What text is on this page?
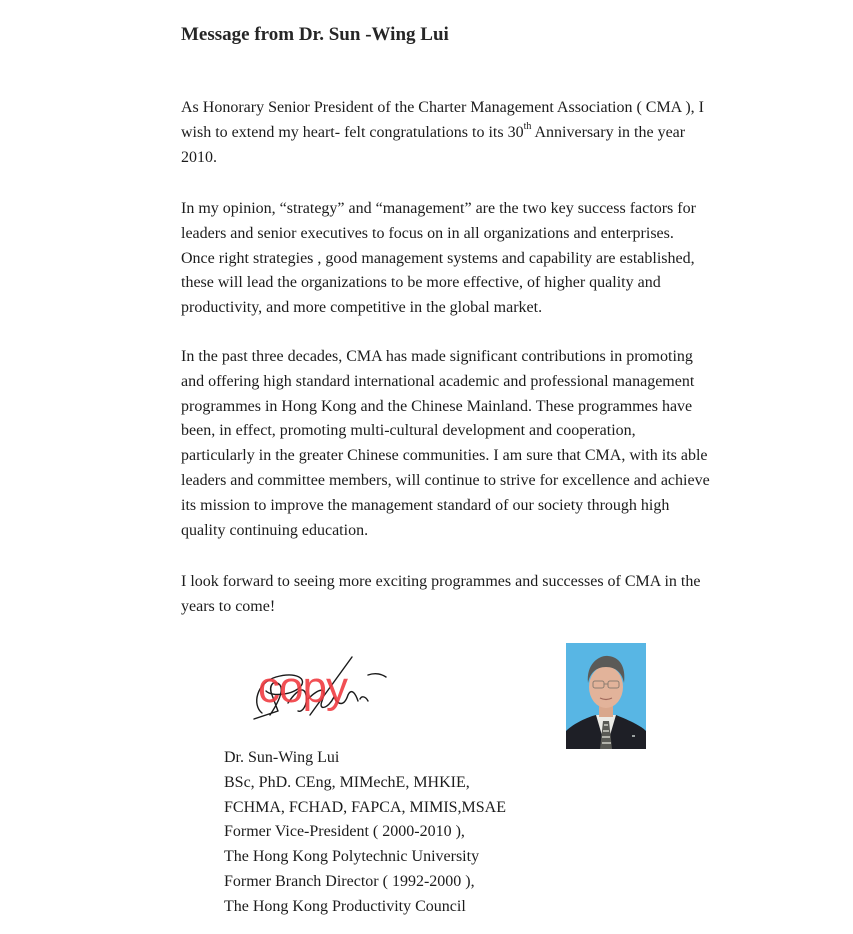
Message from Dr. Sun -Wing Lui
As Honorary Senior President of the Charter Management Association ( CMA ), I
wish to extend my heart- felt congratulations to its 30th Anniversary in the year
2010.
In my opinion, “strategy” and “management” are the two key success factors for
leaders and senior executives to focus on in all organizations and enterprises.
Once right strategies , good management systems and capability are established,
these will lead the organizations to be more effective, of higher quality and
productivity, and more competitive in the global market.
In the past three decades, CMA has made significant contributions in promoting
and offering high standard international academic and professional management
programmes in Hong Kong and the Chinese Mainland. These programmes have
been, in effect, promoting multi-cultural development and cooperation,
particularly in the greater Chinese communities. I am sure that CMA, with its able
leaders and committee members, will continue to strive for excellence and achieve
its mission to improve the management standard of our society through high
quality continuing education.
I look forward to seeing more exciting programmes and successes of CMA in the
years to come!
copy
Dr. Sun-Wing Lui
BSc, PhD. CEng, MIMechE, MHKIE,
FCHMA, FCHAD, FAPCA, MIMIS,MSAE
Former Vice-President ( 2000-2010 ),
The Hong Kong Polytechnic University
Former Branch Director ( 1992-2000 ),
The Hong Kong Productivity Council
